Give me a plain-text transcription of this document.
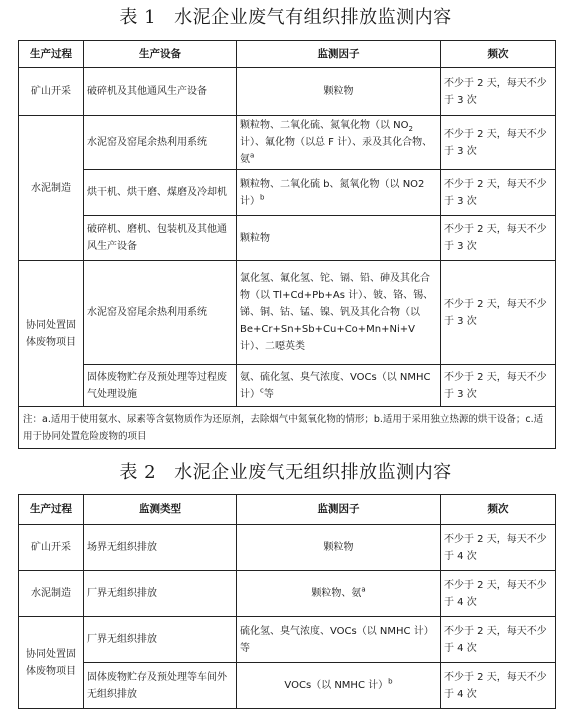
表 1 水泥企业废气有组织排放监测内容
生产过程	生产设备	监测因子	频次
矿山开采	破碎机及其他通风生产设备	颗粒物	不少于 2 天，每天不少于 3 次
水泥制造	水泥窑及窑尾余热利用系统	颗粒物、二氧化硫、氮氧化物（以 $NO_2$ 计）、氟化物（以总 F 计）、汞及其化合物、氨$^a$	不少于 2 天，每天不少于 3 次
	烘干机、烘干磨、煤磨及冷却机	颗粒物、二氧化硫 b、氮氧化物（以 NO2 计）$^b$	不少于 2 天，每天不少于 3 次
	破碎机、磨机、包装机及其他通风生产设备	颗粒物	不少于 2 天，每天不少于 3 次
协同处置固体废物项目	水泥窑及窑尾余热利用系统	氯化氢、氟化氢、铊、镉、铅、砷及其化合物（以 Tl+Cd+Pb+As 计）、铍、铬、锡、锑、铜、钴、锰、镍、钒及其化合物（以 Be+Cr+Sn+Sb+Cu+Co+Mn+Ni+V 计）、二噁英类	不少于 2 天，每天不少于 3 次
	固体废物贮存及预处理等过程废气处理设施	氨、硫化氢、臭气浓度、VOCs（以 NMHC 计）$^c$等	不少于 2 天，每天不少于 3 次
注：a.适用于使用氨水、尿素等含氨物质作为还原剂，去除烟气中氮氧化物的情形；b.适用于采用独立热源的烘干设备；c.适用于协同处置危险废物的项目			
表 2 水泥企业废气无组织排放监测内容
生产过程	监测类型	监测因子	频次
矿山开采	场界无组织排放	颗粒物	不少于 2 天，每天不少于 4 次
水泥制造	厂界无组织排放	颗粒物、氨$^a$	不少于 2 天，每天不少于 4 次
协同处置固体废物项目	厂界无组织排放	硫化氢、臭气浓度、VOCs（以 NMHC 计）等	不少于 2 天，每天不少于 4 次
	固体废物贮存及预处理等车间外无组织排放	VOCs（以 NMHC 计）$^b$	不少于 2 天，每天不少于 4 次
